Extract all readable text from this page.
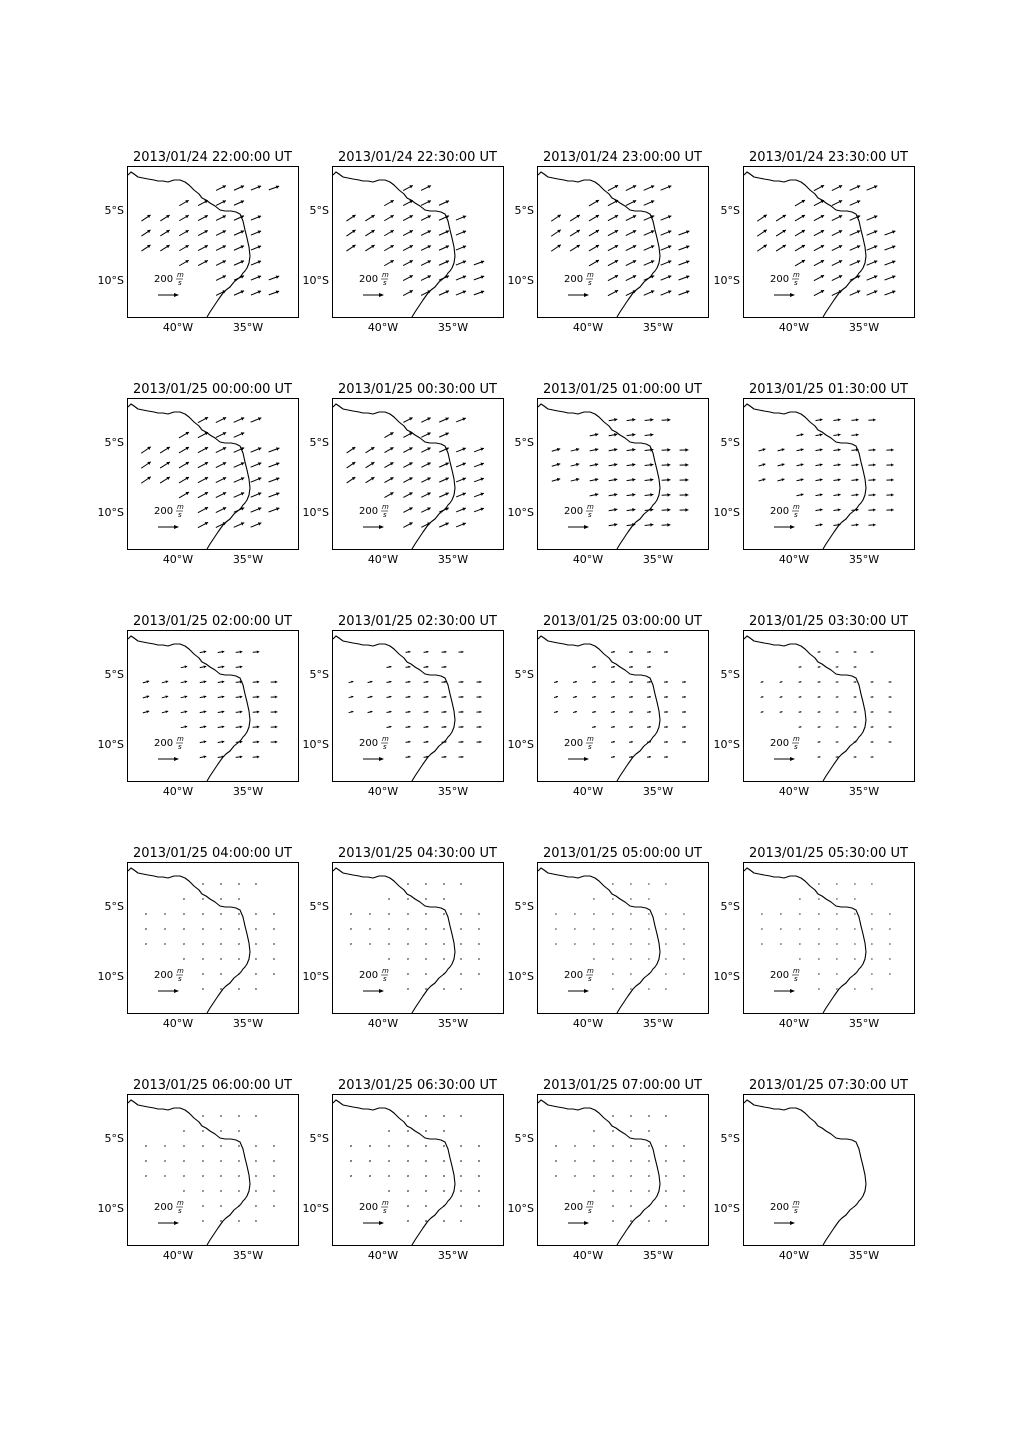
2013/01/24 22:00:00 UT
200 m
s
40°W	35°W
5°S
10°S
2013/01/24 22:30:00 UT
200 m
s
40°W	35°W
5°S
10°S
2013/01/24 23:00:00 UT
200 m
s
40°W	35°W
5°S
10°S
2013/01/24 23:30:00 UT
200 m
s
40°W	35°W
5°S
10°S
2013/01/25 00:00:00 UT
200 m
s
40°W	35°W
5°S
10°S
2013/01/25 00:30:00 UT
200 m
s
40°W	35°W
5°S
10°S
2013/01/25 01:00:00 UT
200 m
s
40°W	35°W
5°S
10°S
2013/01/25 01:30:00 UT
200 m
s
40°W	35°W
5°S
10°S
2013/01/25 02:00:00 UT
200 m
s
40°W	35°W
5°S
10°S
2013/01/25 02:30:00 UT
200 m
s
40°W	35°W
5°S
10°S
2013/01/25 03:00:00 UT
200 m
s
40°W	35°W
5°S
10°S
2013/01/25 03:30:00 UT
200 m
s
40°W	35°W
5°S
10°S
2013/01/25 04:00:00 UT
200 m
s
40°W	35°W
5°S
10°S
2013/01/25 04:30:00 UT
200 m
s
40°W	35°W
5°S
10°S
2013/01/25 05:00:00 UT
200 m
s
40°W	35°W
5°S
10°S
2013/01/25 05:30:00 UT
200 m
s
40°W	35°W
5°S
10°S
2013/01/25 06:00:00 UT
200 m
s
40°W	35°W
5°S
10°S
2013/01/25 06:30:00 UT
200 m
s
40°W	35°W
5°S
10°S
2013/01/25 07:00:00 UT
200 m
s
40°W	35°W
5°S
10°S
2013/01/25 07:30:00 UT
200 m
s
40°W	35°W
5°S
10°S
